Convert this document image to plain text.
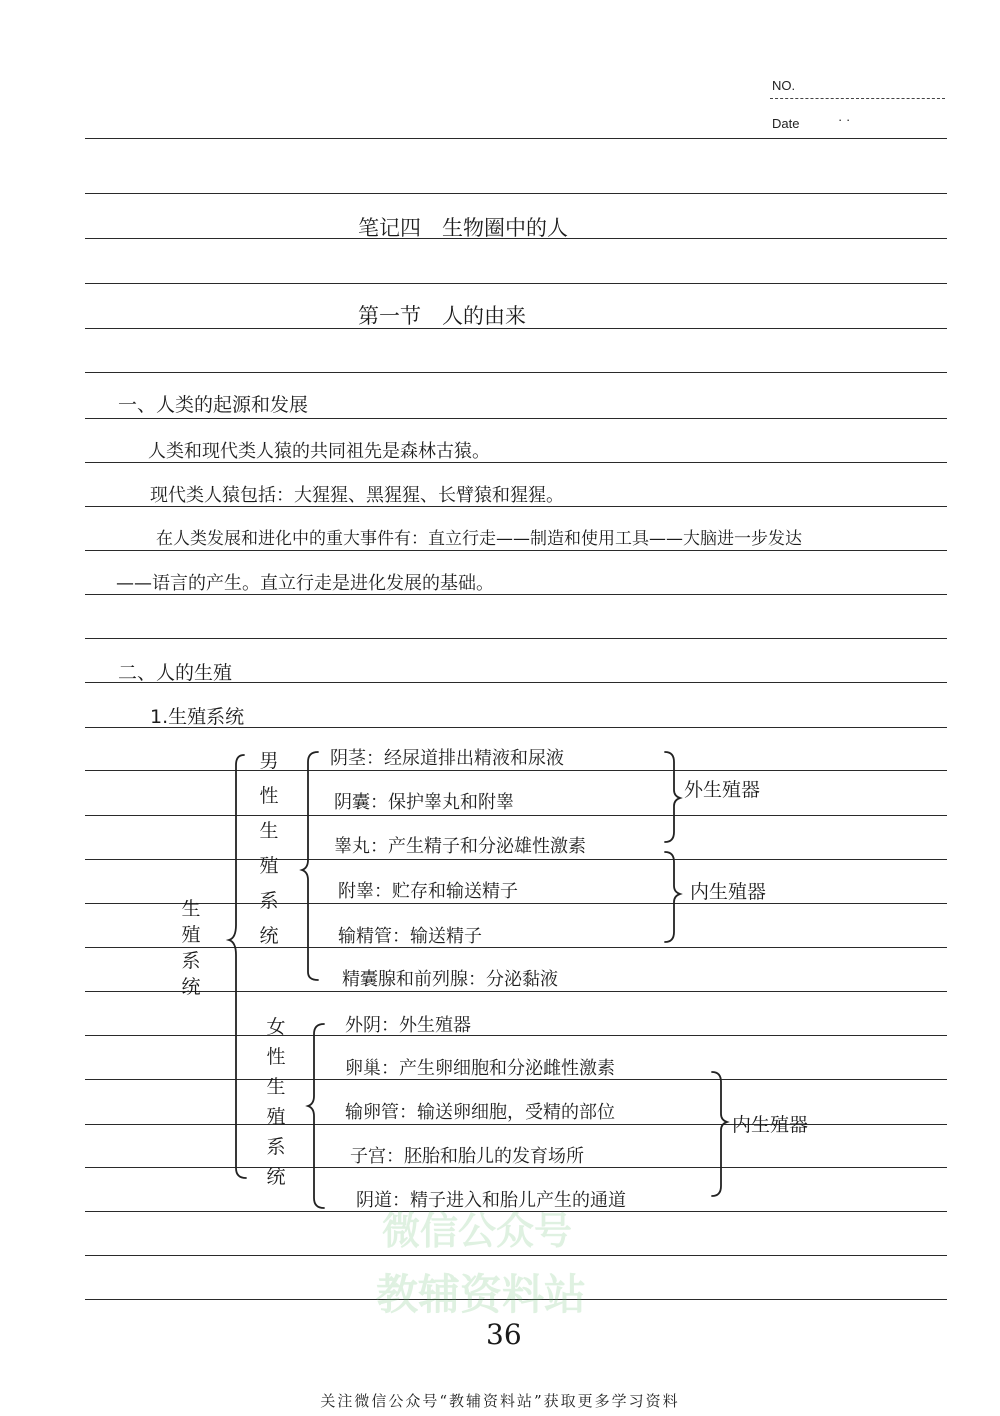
NO.
Date	· ·
笔记四　生物圈中的人
第一节　人的由来
一、人类的起源和发展
人类和现代类人猿的共同祖先是森林古猿。
现代类人猿包括：大猩猩、黑猩猩、长臂猿和猩猩。
在人类发展和进化中的重大事件有：直立行走——制造和使用工具——大脑进一步发达
——语言的产生。直立行走是进化发展的基础。
二、人的生殖
1.生殖系统
生
殖
系
统
男
性
生
殖
系
统
女
性
生
殖
系
统
阴茎：经尿道排出精液和尿液
阴囊：保护睾丸和附睾
睾丸：产生精子和分泌雄性激素
附睾：贮存和输送精子
输精管：输送精子
精囊腺和前列腺：分泌黏液
外生殖器
内生殖器
外阴：外生殖器
卵巢：产生卵细胞和分泌雌性激素
输卵管：输送卵细胞，受精的部位
子宫：胚胎和胎儿的发育场所
阴道：精子进入和胎儿产生的通道
内生殖器
微信公众号
教辅资料站
36
关注微信公众号“教辅资料站”获取更多学习资料
